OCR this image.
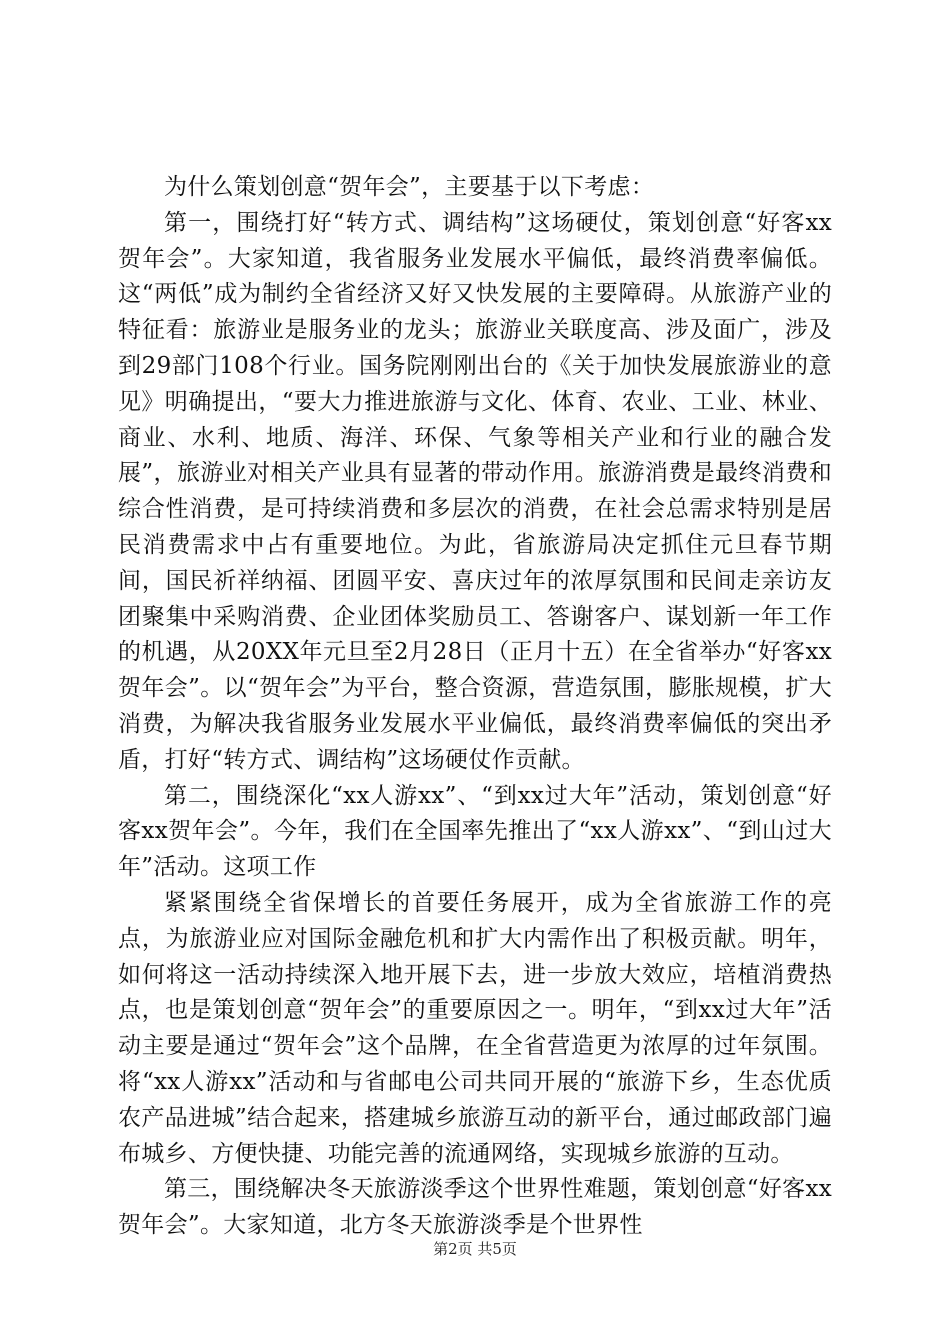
为什么策划创意“贺年会”，主要基于以下考虑：

第一，围绕打好“转方式、调结构”这场硬仗，策划创意“好客xx贺年会”。大家知道，我省服务业发展水平偏低，最终消费率偏低。这“两低”成为制约全省经济又好又快发展的主要障碍。从旅游产业的特征看：旅游业是服务业的龙头；旅游业关联度高、涉及面广，涉及到29部门108个行业。国务院刚刚出台的《关于加快发展旅游业的意见》明确提出，“要大力推进旅游与文化、体育、农业、工业、林业、商业、水利、地质、海洋、环保、气象等相关产业和行业的融合发展”，旅游业对相关产业具有显著的带动作用。旅游消费是最终消费和综合性消费，是可持续消费和多层次的消费，在社会总需求特别是居民消费需求中占有重要地位。为此，省旅游局决定抓住元旦春节期间，国民祈祥纳福、团圆平安、喜庆过年的浓厚氛围和民间走亲访友团聚集中采购消费、企业团体奖励员工、答谢客户、谋划新一年工作的机遇，从20XX年元旦至2月28日（正月十五）在全省举办“好客xx贺年会”。以“贺年会”为平台，整合资源，营造氛围，膨胀规模，扩大消费，为解决我省服务业发展水平业偏低，最终消费率偏低的突出矛盾，打好“转方式、调结构”这场硬仗作贡献。

第二，围绕深化“xx人游xx”、“到xx过大年”活动，策划创意“好客xx贺年会”。今年，我们在全国率先推出了“xx人游xx”、“到山过大年”活动。这项工作

紧紧围绕全省保增长的首要任务展开，成为全省旅游工作的亮点，为旅游业应对国际金融危机和扩大内需作出了积极贡献。明年，如何将这一活动持续深入地开展下去，进一步放大效应，培植消费热点，也是策划创意“贺年会”的重要原因之一。明年，“到xx过大年”活动主要是通过“贺年会”这个品牌，在全省营造更为浓厚的过年氛围。将“xx人游xx”活动和与省邮电公司共同开展的“旅游下乡，生态优质农产品进城”结合起来，搭建城乡旅游互动的新平台，通过邮政部门遍布城乡、方便快捷、功能完善的流通网络，实现城乡旅游的互动。

第三，围绕解决冬天旅游淡季这个世界性难题，策划创意“好客xx贺年会”。大家知道，北方冬天旅游淡季是个世界性

第2页 共5页
